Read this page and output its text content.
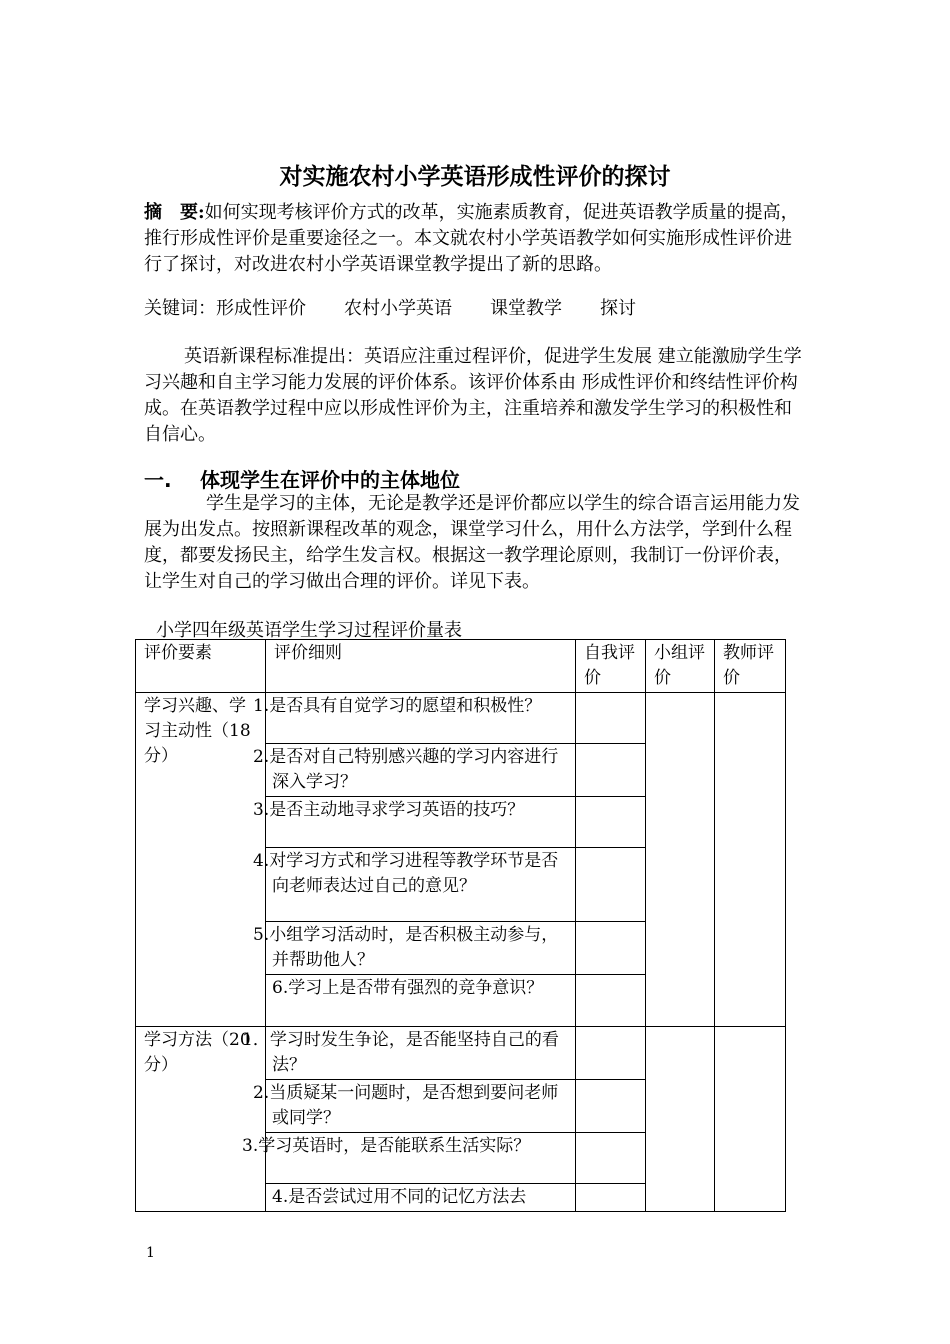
对实施农村小学英语形成性评价的探讨

摘　要:如何实现考核评价方式的改革，实施素质教育，促进英语教学质量的提高，推行形成性评价是重要途径之一。本文就农村小学英语教学如何实施形成性评价进行了探讨，对改进农村小学英语课堂教学提出了新的思路。

关键词：形成性评价 农村小学英语 课堂教学 探讨

英语新课程标准提出：英语应注重过程评价，促进学生发展 建立能激励学生学习兴趣和自主学习能力发展的评价体系。该评价体系由 形成性评价和终结性评价构成。在英语教学过程中应以形成性评价为主，注重培养和激发学生学习的积极性和自信心。

一. 体现学生在评价中的主体地位

学生是学习的主体，无论是教学还是评价都应以学生的综合语言运用能力发展为出发点。按照新课程改革的观念，课堂学习什么，用什么方法学，学到什么程度，都要发扬民主，给学生发言权。根据这一教学理论原则，我制订一份评价表，让学生对自己的学习做出合理的评价。详见下表。

小学四年级英语学生学习过程评价量表
评价要素	评价细则	自我评价	小组评价	教师评价
学习兴趣、学习主动性（18分）	1.是否具有自觉学习的愿望和积极性？			
	2.是否对自己特别感兴趣的学习内容进行深入学习？			
	3.是否主动地寻求学习英语的技巧？			
	4.对学习方式和学习进程等教学环节是否向老师表达过自己的意见？			
	5.小组学习活动时，是否积极主动参与，并帮助他人？			
	6.学习上是否带有强烈的竞争意识？			
学习方法（20分）	1．学习时发生争论，是否能坚持自己的看法？			
	2.当质疑某一问题时，是否想到要问老师或同学？			
	3.学习英语时，是否能联系生活实际？			
	4.是否尝试过用不同的记忆方法去			
1
